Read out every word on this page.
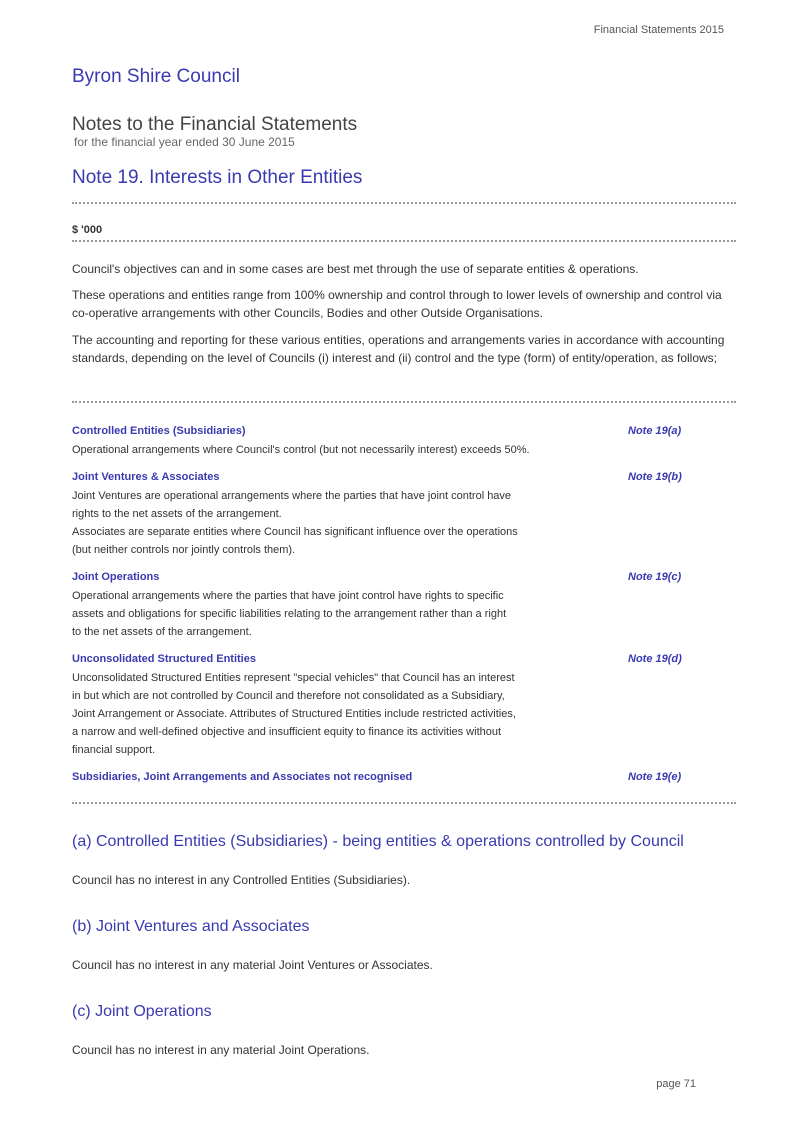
Financial Statements 2015
Byron Shire Council
Notes to the Financial Statements
for the financial year ended 30 June 2015
Note 19. Interests in Other Entities
$ '000
Council's objectives can and in some cases are best met through the use of separate entities & operations.
These operations and entities range from 100% ownership and control through to lower levels of ownership and control via co-operative arrangements with other Councils, Bodies and other Outside Organisations.
The accounting and reporting for these various entities, operations and arrangements varies in accordance with accounting standards, depending on the level of Councils (i) interest and (ii) control and the type (form) of entity/operation, as follows;
Controlled Entities (Subsidiaries)	Note 19(a)
Operational arrangements where Council's control (but not necessarily interest) exceeds 50%.
Joint Ventures & Associates	Note 19(b)
Joint Ventures are operational arrangements where the parties that have joint control have
rights to the net assets of the arrangement.
Associates are separate entities where Council has significant influence over the operations
(but neither controls nor jointly controls them).
Joint Operations	Note 19(c)
Operational arrangements where the parties that have joint control have rights to specific
assets and obligations for specific liabilities relating to the arrangement rather than a right
to the net assets of the arrangement.
Unconsolidated Structured Entities	Note 19(d)
Unconsolidated Structured Entities represent "special vehicles" that Council has an interest
in but which are not controlled by Council and therefore not consolidated as a Subsidiary,
Joint Arrangement or Associate. Attributes of Structured Entities include restricted activities,
a narrow and well-defined objective and insufficient equity to finance its activities without
financial support.
Subsidiaries, Joint Arrangements and Associates not recognised	Note 19(e)
(a) Controlled Entities (Subsidiaries) - being entities & operations controlled by Council
Council has no interest in any Controlled Entities (Subsidiaries).
(b) Joint Ventures and Associates
Council has no interest in any material Joint Ventures or Associates.
(c) Joint Operations
Council has no interest in any material Joint Operations.
page 71
